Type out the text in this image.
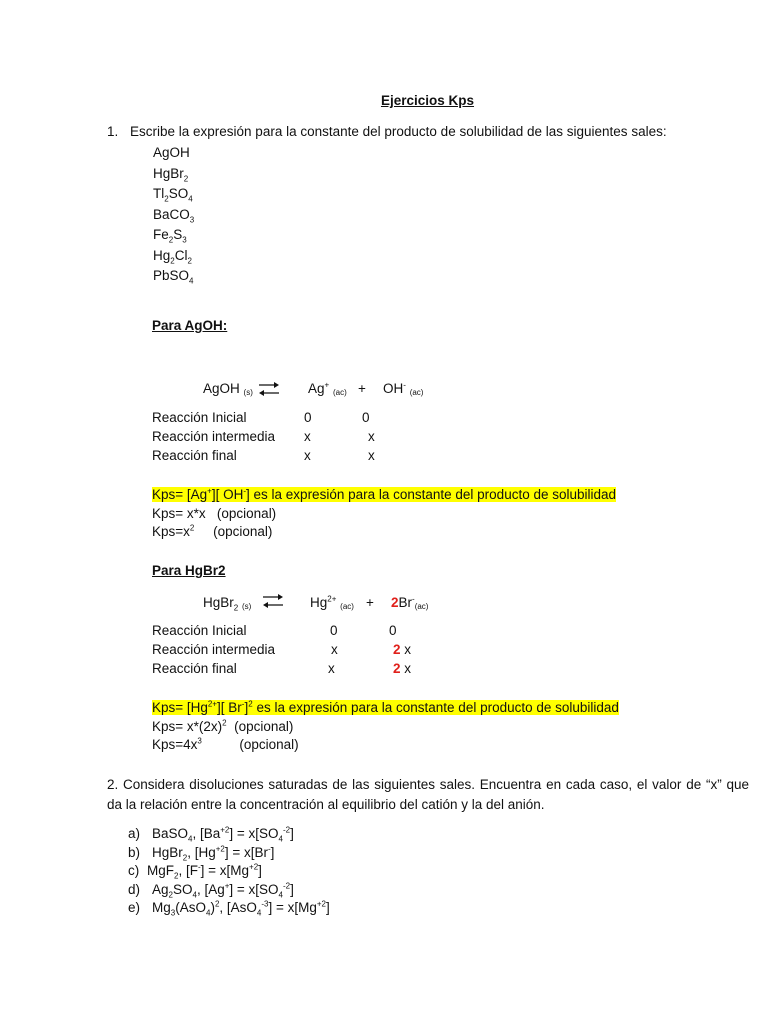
Ejercicios Kps
1. Escribe la expresión para la constante del producto de solubilidad de las siguientes sales:
AgOH
HgBr$_2$
$Tl_2SO_4$
BaCO$_3$
$Fe_2S_3$
$Hg_2Cl_2$
PbSO$_4$
Para AgOH:
AgOH (s) ⇌ Ag+ (ac) + OH- (ac)
Reacción Inicial	0	0
Reacción intermedia x	x
Reacción final	x	x
Kps= [Ag+][ OH-] es la expresión para la constante del producto de solubilidad
Kps= x*x   (opcional)
$Kps=x^2$     (opcional)
Para HgBr2
HgBr$_2$ (s) ⇌ $Hg^{2+}$ (ac) + 2Br-(ac)
Reacción Inicial	0	0
Reacción intermedia	x	2 x
Reacción final	x	2 x
$Kps= [Hg^{2+}]$[ Br-]$^2$ es la expresión para la constante del producto de solubilidad
$Kps= x*(2x)^2$  (opcional)
$Kps=4x^3$          (opcional)
2. Considera disoluciones saturadas de las siguientes sales. Encuentra en cada caso, el valor de “x” que da la relación entre la concentración al equilibrio del catión y la del anión.
a) BaSO$_4$, $[Ba^{+2}] = x[SO_4^{-2}]$
b) HgBr$_2$, $[Hg^{+2}] = x[Br^-]$
c) MgF$_2$, $[F^-] = x[Mg^{+2}]$
d) $Ag_2SO_4$, $[Ag^+] = x[SO_4^{-2}]$
e) $Mg_3(AsO_4)^2$, $[AsO_4^{-3}] = x[Mg^{+2}]$
